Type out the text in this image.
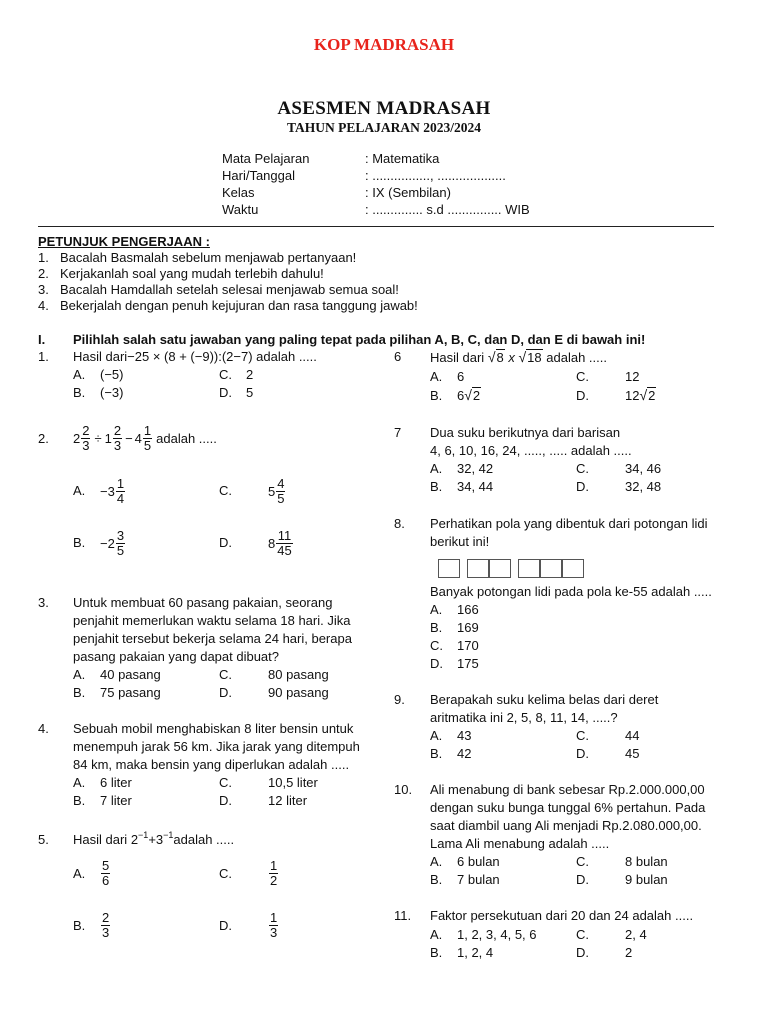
KOP MADRASAH
ASESMEN MADRASAH
TAHUN PELAJARAN 2023/2024
Mata Pelajaran	: Matematika
Hari/Tanggal	: ................, ...................
Kelas	: IX (Sembilan)
Waktu	: .............. s.d ............... WIB
PETUNJUK PENGERJAAN :
1. Bacalah Basmalah sebelum menjawab pertanyaan!
2. Kerjakanlah soal yang mudah terlebih dahulu!
3. Bacalah Hamdallah setelah selesai menjawab semua soal!
4. Bekerjalah dengan penuh kejujuran dan rasa tanggung jawab!
I. Pilihlah salah satu jawaban yang paling tepat pada pilihan A, B, C, dan D, dan E di bawah ini!
1. Hasil dari−25 × (8 + (−9)):(2−7) adalah .....
A. (−5)
B. (−3)
C. 2
D. 5
2. $2 \frac{2}{3} \div 1 \frac{2}{3} - 4 \frac{1}{5}$ adalah .....
A. $-3 \frac{1}{4}$
B. $-2 \frac{3}{5}$
C.	$5 \frac{4}{5}$
D.	$8 \frac{11}{45}$
3. Untuk membuat 60 pasang pakaian, seorang
penjahit memerlukan waktu selama 18 hari. Jika
penjahit tersebut bekerja selama 24 hari, berapa
pasang pakaian yang dapat dibuat?
A. 40 pasang
B. 75 pasang
C.	80 pasang
D.	90 pasang
4. Sebuah mobil menghabiskan 8 liter bensin untuk
menempuh jarak 56 km. Jika jarak yang ditempuh
84 km, maka bensin yang diperlukan adalah .....
A. 6 liter
B. 7 liter
C.	10,5 liter
D.	12 liter
5. Hasil dari $2^{-1}+3^{-1}adalah$ .....
A. $\frac{5}{6}$
B. $\frac{2}{3}$
C.	$\frac{1}{2}$
D.	$\frac{1}{3}$
6 Hasil dari √8 x √18 adalah .....
A. 6
B. 6√2
C.	12
D.	12√2
7 Dua suku berikutnya dari barisan
4, 6, 10, 16, 24, ....., ..... adalah .....
A. 32, 42
B. 34, 44
C.	34, 46
D.	32, 48
8. Perhatikan pola yang dibentuk dari potongan lidi
berikut ini!
Banyak potongan lidi pada pola ke-55 adalah .....
A. 166
B. 169
C. 170
D. 175
9. Berapakah suku kelima belas dari deret
aritmatika ini 2, 5, 8, 11, 14, .....?
A. 43
B. 42
C.	44
D.	45
10. Ali menabung di bank sebesar Rp.2.000.000,00
dengan suku bunga tunggal 6% pertahun. Pada
saat diambil uang Ali menjadi Rp.2.080.000,00.
Lama Ali menabung adalah .....
A. 6 bulan
B. 7 bulan
C.	8 bulan
D.	9 bulan
11. Faktor persekutuan dari 20 dan 24 adalah .....
A. 1, 2, 3, 4, 5, 6
B. 1, 2, 4
C.	2, 4
D.	2
